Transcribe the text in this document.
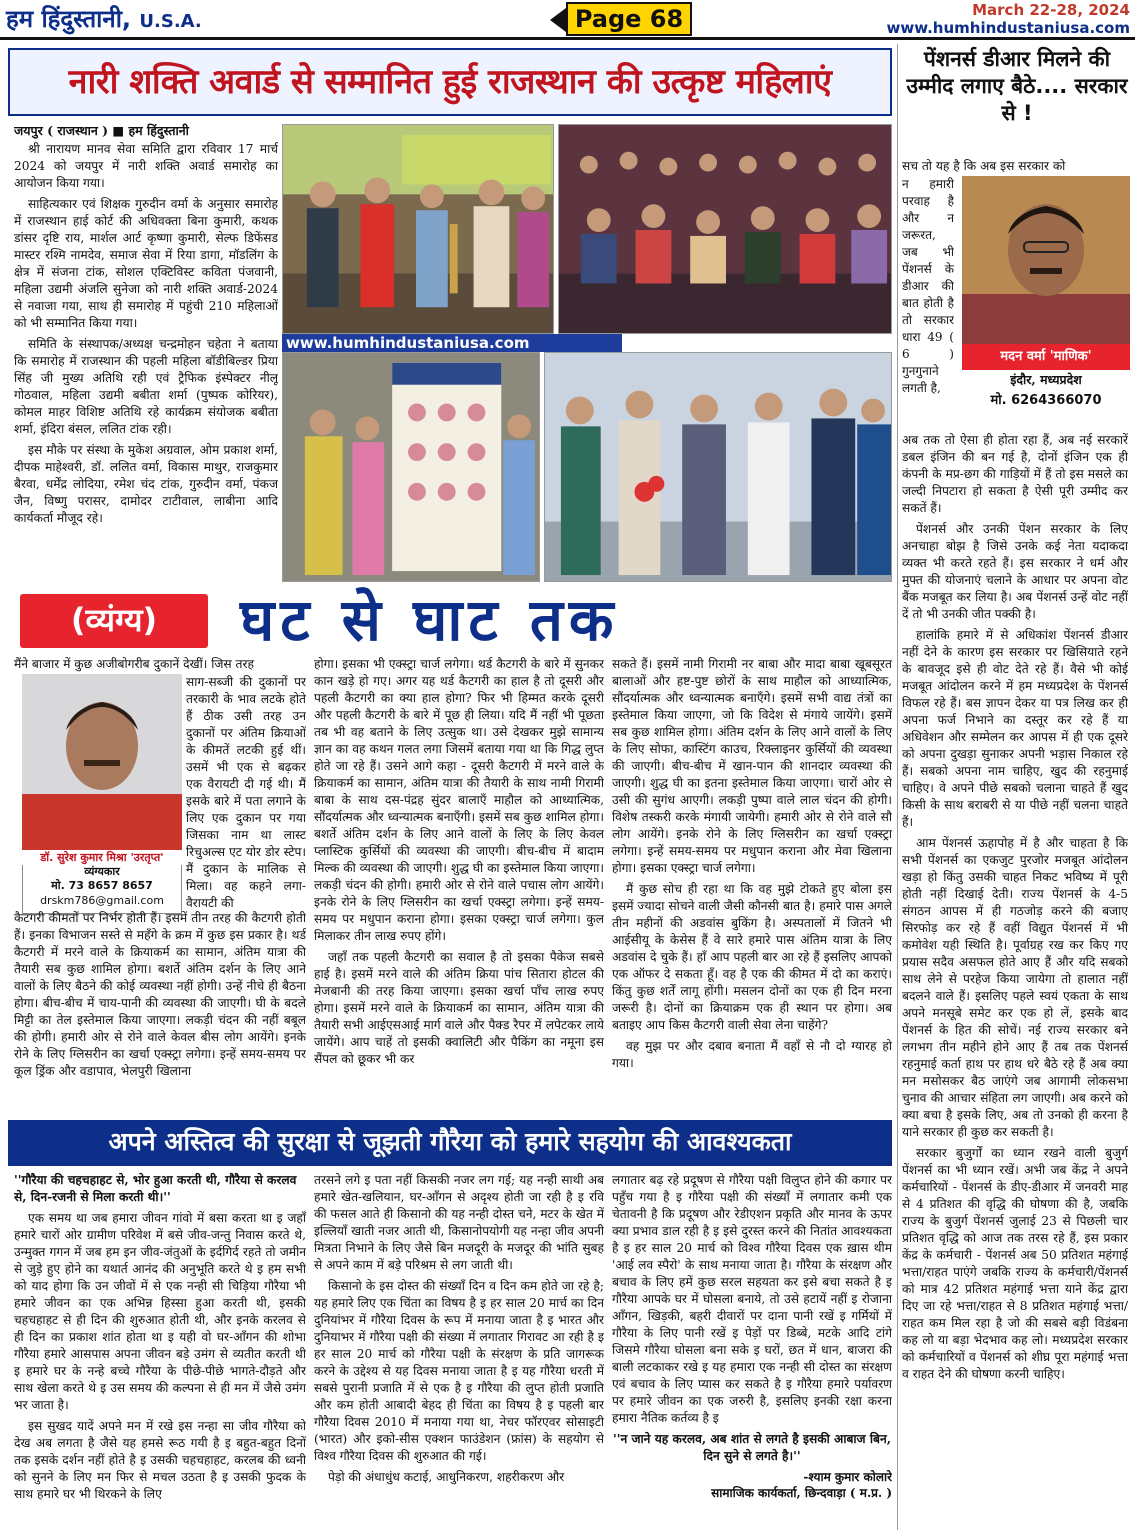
हम हिंदुस्तानी, U.S.A.	Page 68	March 22-28, 2024
www.humhindustaniusa.com
नारी शक्ति अवार्ड से सम्मानित हुई राजस्थान की उत्कृष्ट महिलाएं
जयपुर ( राजस्थान ) ■ हम हिंदुस्तानी

श्री नारायण मानव सेवा समिति द्वारा रविवार 17 मार्च 2024 को जयपुर में नारी शक्ति अवार्ड समारोह का आयोजन किया गया।

साहित्यकार एवं शिक्षक गुरुदीन वर्मा के अनुसार समारोह में राजस्थान हाई कोर्ट की अधिवक्ता बिना कुमारी, कथक डांसर दृष्टि राय, मार्शल आर्ट कृष्णा कुमारी, सेल्फ डिफेंसड मास्टर रश्मि नामदेव, समाज सेवा में रिया डागा, मॉडलिंग के क्षेत्र में संजना टांक, सोशल एक्टिविस्ट कविता पंजवानी, महिला उद्यमी अंजलि सुनेजा को नारी शक्ति अवार्ड-2024 से नवाजा गया, साथ ही समारोह में पहुंची 210 महिलाओं को भी सम्मानित किया गया।

समिति के संस्थापक/अध्यक्ष चन्द्रमोहन चहेता ने बताया कि समारोह में राजस्थान की पहली महिला बॉडीबिल्डर प्रिया सिंह जी मुख्य अतिथि रही एवं ट्रैफिक इंस्पेक्टर नीलू गोठवाल, महिला उद्यमी बबीता शर्मा (पुष्पक कोरियर), कोमल माहर विशिष्ट अतिथि रहे कार्यक्रम संयोजक बबीता शर्मा, इंदिरा बंसल, ललित टांक रही।

इस मौके पर संस्था के मुकेश अग्रवाल, ओम प्रकाश शर्मा, दीपक माहेश्वरी, डॉ. ललित वर्मा, विकास माथुर, राजकुमार बैरवा, धर्मेंद्र लोदिया, रमेश चंद टांक, गुरुदीन वर्मा, पंकज जैन, विष्णु परासर, दामोदर टाटीवाल, लाबीना आदि कार्यकर्ता मौजूद रहे।

www.humhindustaniusa.com
(व्यंग्य)	घट से घाट तक
मैंने बाजार में कुछ अजीबोगरीब दुकानें देखीं। जिस तरह
डॉ. सुरेश कुमार मिश्रा 'उरतृप्त'
व्यंग्यकार
मो. 73 8657 8657
drskm786@gmail.com
साग-सब्जी की दुकानों पर तरकारी के भाव लटके होते हैं ठीक उसी तरह उन दुकानों पर अंतिम क्रियाओं के कीमतें लटकी हुई थीं। उसमें भी एक से बढ़कर एक वैरायटी दी गई थी। मैं इसके बारे में पता लगाने के लिए एक दुकान पर गया जिसका नाम था लास्ट रिचुअल्स एट योर डोर स्टेप। मैं दुकान के मालिक से मिला। वह कहने लगा- वैरायटी की
कैटगरी कीमतों पर निर्भर होती हैं। इसमें तीन तरह की कैटगरी होती हैं। इनका विभाजन सस्ते से महँगे के क्रम में कुछ इस प्रकार है। थर्ड कैटगरी में मरने वाले के क्रियाकर्म का सामान, अंतिम यात्रा की तैयारी सब कुछ शामिल होगा। बशर्ते अंतिम दर्शन के लिए आने वालों के लिए बैठने की कोई व्यवस्था नहीं होगी। उन्हें नीचे ही बैठना होगा। बीच-बीच में चाय-पानी की व्यवस्था की जाएगी। घी के बदले मिट्टी का तेल इस्तेमाल किया जाएगा। लकड़ी चंदन की नहीं बबूल की होगी। हमारी ओर से रोने वाले केवल बीस लोग आयेंगे। इनके रोने के लिए ग्लिसरीन का खर्चा एक्स्ट्रा लगेगा। इन्हें समय-समय पर कूल ड्रिंक और वडापाव, भेलपुरी खिलाना

होगा। इसका भी एक्स्ट्रा चार्ज लगेगा। थर्ड कैटगरी के बारे में सुनकर कान खड़े हो गए। अगर यह थर्ड कैटगरी का हाल है तो दूसरी और पहली कैटगरी का क्या हाल होगा? फिर भी हिम्मत करके दूसरी और पहली कैटगरी के बारे में पूछ ही लिया। यदि मैं नहीं भी पूछता तब भी वह बताने के लिए उत्सुक था। उसे देखकर मुझे सामान्य ज्ञान का वह कथन गलत लगा जिसमें बताया गया था कि गिद्ध लुप्त होते जा रहे हैं। उसने आगे कहा - दूसरी कैटगरी में मरने वाले के क्रियाकर्म का सामान, अंतिम यात्रा की तैयारी के साथ नामी गिरामी बाबा के साथ दस-पंद्रह सुंदर बालाएँ माहौल को आध्यात्मिक, सौंदर्यात्मक और ध्वन्यात्मक बनाएँगी। इसमें सब कुछ शामिल होगा। बशर्ते अंतिम दर्शन के लिए आने वालों के लिए के लिए केवल प्लास्टिक कुर्सियों की व्यवस्था की जाएगी। बीच-बीच में बादाम मिल्क की व्यवस्था की जाएगी। शुद्ध घी का इस्तेमाल किया जाएगा। लकड़ी चंदन की होगी। हमारी ओर से रोने वाले पचास लोग आयेंगे। इनके रोने के लिए ग्लिसरीन का खर्चा एक्स्ट्रा लगेगा। इन्हें समय-समय पर मधुपान कराना होगा। इसका एक्स्ट्रा चार्ज लगेगा। कुल मिलाकर तीन लाख रुपए होंगे।

जहाँ तक पहली कैटगरी का सवाल है तो इसका पैकेज सबसे हाई है। इसमें मरने वाले की अंतिम क्रिया पांच सितारा होटल की मेजबानी की तरह किया जाएगा। इसका खर्चा पाँच लाख रुपए होगा। इसमें मरने वाले के क्रियाकर्म का सामान, अंतिम यात्रा की तैयारी सभी आईएसआई मार्ग वाले और पैक्ड रैपर में लपेटकर लाये जायेंगे। आप चाहें तो इसकी क्वालिटी और पैकिंग का नमूना इस सैंपल को छूकर भी कर

सकते हैं। इसमें नामी गिरामी नर बाबा और मादा बाबा खूबसूरत बालाओं और हष्ट-पुष्ट छोरों के साथ माहौल को आध्यात्मिक, सौंदर्यात्मक और ध्वन्यात्मक बनाएँगे। इसमें सभी वाद्य तंत्रों का इस्तेमाल किया जाएगा, जो कि विदेश से मंगाये जायेंगे। इसमें सब कुछ शामिल होगा। अंतिम दर्शन के लिए आने वालों के लिए के लिए सोफा, कास्टिंग काउच, रिक्लाइनर कुर्सियों की व्यवस्था की जाएगी। बीच-बीच में खान-पान की शानदार व्यवस्था की जाएगी। शुद्ध घी का इतना इस्तेमाल किया जाएगा। चारों ओर से उसी की सुगंध आएगी। लकड़ी पुष्पा वाले लाल चंदन की होगी। विशेष तस्करी करके मंगायी जायेगी। हमारी ओर से रोने वाले सौ लोग आयेंगे। इनके रोने के लिए ग्लिसरीन का खर्चा एक्स्ट्रा लगेगा। इन्हें समय-समय पर मधुपान कराना और मेवा खिलाना होगा। इसका एक्स्ट्रा चार्ज लगेगा।

मैं कुछ सोच ही रहा था कि वह मुझे टोकते हुए बोला इस इसमें ज्यादा सोचने वाली जैसी कौनसी बात है। हमारे पास अगले तीन महीनों की अडवांस बुकिंग है। अस्पतालों में जितने भी आईसीयू के केसेस हैं वे सारे हमारे पास अंतिम यात्रा के लिए अडवांस दे चुके हैं। हाँ आप पहली बार आ रहे हैं इसलिए आपको एक ऑफर दे सकता हूँ। वह है एक की कीमत में दो का कराएं। किंतु कुछ शर्तें लागू होंगी। मसलन दोनों का एक ही दिन मरना जरूरी है। दोनों का क्रियाक्रम एक ही स्थान पर होगा। अब बताइए आप किस कैटगरी वाली सेवा लेना चाहेंगे?

वह मुझ पर और दबाव बनाता मैं वहाँ से नौ दो ग्यारह हो गया।

अपने अस्तित्व की सुरक्षा से जूझती गौरैया को हमारे सहयोग की आवश्यकता
''गौरैया की चहचहाहट से, भोर हुआ करती थी, गौरैया से करलव से, दिन-रजनी से मिला करती थी।''

एक समय था जब हमारा जीवन गांवो में बसा करता था इ जहाँ हमारे चारों ओर ग्रामीण परिवेश में बसे जीव-जन्तु निवास करते थे, उन्मुक्त गगन में जब हम इन जीव-जंतुओं के इर्दगिर्द रहते तो जमीन से जुड़े हुए होने का यथार्त आनंद की अनुभूति करते थे इ हम सभी को याद होगा कि उन जीवों में से एक नन्ही सी चिड़िया गौरैया भी हमारे जीवन का एक अभिन्न हिस्सा हुआ करती थी, इसकी चहचहाहट से ही दिन की शुरुआत होती थी, और इनके करलव से ही दिन का प्रकाश शांत होता था इ यही वो घर-आँगन की शोभा गौरैया हमारे आसपास अपना जीवन बड़े उमंग से व्यतीत करती थी इ हमारे घर के नन्हे बच्चे गौरैया के पीछे-पीछे भागते-दौड़ते और साथ खेला करते थे इ उस समय की कल्पना से ही मन में जैसे उमंग भर जाता है।

इस सुखद यादें अपने मन में रखे इस नन्हा सा जीव गौरैया को देख अब लगता है जैसे यह हमसे रूठ गयी है इ बहुत-बहुत दिनों तक इसके दर्शन नहीं होते है इ उसकी चहचहाहट, करलब की ध्वनी को सुनने के लिए मन फिर से मचल उठता है इ उसकी फुदक के साथ हमारे घर भी थिरकने के लिए

तरसने लगे इ पता नहीं किसकी नजर लग गई; यह नन्ही साथी अब हमारे खेत-खलियान, घर-आँगन से अदृश्य होती जा रही है इ रवि की फसल आते ही किसानो की यह नन्ही दोस्त चने, मटर के खेत में इल्लियाँ खाती नजर आती थी, किसानोपयोगी यह नन्हा जीव अपनी मित्रता निभाने के लिए जैसे बिन मजदूरी के मजदूर की भांति सुबह से अपने काम में बड़े परिश्रम से लग जाती थी।

किसानो के इस दोस्त की संख्याँ दिन व दिन कम होते जा रहे है; यह हमारे लिए एक चिंता का विषय है इ हर साल 20 मार्च का दिन दुनियांभर में गौरैया दिवस के रूप में मनाया जाता है इ भारत और दुनियाभर में गौरैया पक्षी की संख्या में लगातार गिरावट आ रही है इ हर साल 20 मार्च को गौरैया पक्षी के संरक्षण के प्रति जागरूक करने के उद्देश्य से यह दिवस मनाया जाता है इ यह गौरैया धरती में सबसे पुरानी प्रजाति में से एक है इ गौरैया की लुप्त होती प्रजाति और कम होती आबादी बेहद ही चिंता का विषय है इ पहली बार गौरैया दिवस 2010 में मनाया गया था, नेचर फॉरएवर सोसाइटी (भारत) और इको-सीस एक्शन फाउंडेशन (फ्रांस) के सहयोग से विश्व गौरैया दिवस की शुरुआत की गई।

पेड़ो की अंधाधुंध कटाई, आधुनिकरण, शहरीकरण और

लगातार बढ़ रहे प्रदूषण से गौरैया पक्षी विलुप्त होने की कगार पर पहुँच गया है इ गौरैया पक्षी की संख्याँ में लगातार कमी एक चेतावनी है कि प्रदूषण और रेडीएशन प्रकृति और मानव के ऊपर क्या प्रभाव डाल रही है इ इसे दुरस्त करने की नितांत आवश्यकता है इ हर साल 20 मार्च को विश्व गौरैया दिवस एक ख़ास थीम 'आई लव स्पैरो' के साथ मनाया जाता है। गौरैया के संरक्षण और बचाव के लिए हमें कुछ सरल सहयता कर इसे बचा सकते है इ गौरैया आपके घर में घोसला बनाये, तो उसे हटायें नहीं इ रोजाना आँगन, खिड़की, बहरी दीवारों पर दाना पानी रखें इ गर्मियों में गौरैया के लिए पानी रखें इ पेड़ों पर डिब्बे, मटके आदि टांगे जिसमे गौरैया घोसला बना सके इ घरों, छत में धान, बाजरा की बाली लटकाकर रखे इ यह हमारा एक नन्ही सी दोस्त का संरक्षण एवं बचाव के लिए प्यास कर सकते है इ गौरैया हमारे पर्यावरण पर हमारे जीवन का एक जरुरी है, इसलिए इनकी रक्षा करना हमारा नैतिक कर्तव्य है इ

''न जाने यह करलव, अब शांत से लगते है इसकी आबाज बिन, दिन सुने से लगते है।''
-श्याम कुमार कोलारे
सामाजिक कार्यकर्ता, छिन्दवाड़ा ( म.प्र. )
पेंशनर्स डीआर मिलने की उम्मीद लगाए बैठे.... सरकार से !
सच तो यह है कि अब इस सरकार को
न हमारी परवाह है और न जरूरत, जब भी पेंशनर्स के डीआर की बात होती है तो सरकार धारा 49 ( 6 ) गुनगुनाने लगती है,
मदन वर्मा 'माणिक'
इंदौर, मध्यप्रदेश
मो. 6264366070

अब तक तो ऐसा ही होता रहा हैं, अब नई सरकारें डबल इंजिन की बन गई है, दोनों इंजिन एक ही कंपनी के मप्र-छग की गाड़ियों में हैं तो इस मसले का जल्दी निपटारा हो सकता है ऐसी पूरी उम्मीद कर सकतें हैं।

पेंशनर्स और उनकी पेंशन सरकार के लिए अनचाहा बोझ है जिसे उनके कई नेता यदाकदा व्यक्त भी करते रहते हैं। इस सरकार ने धर्म और मुफ्त की योजनाएं चलाने के आधार पर अपना वोट बैंक मजबूत कर लिया है। अब पेंशनर्स उन्हें वोट नहीं दें तो भी उनकी जीत पक्की है।

हालांकि हमारे में से अधिकांश पेंशनर्स डीआर नहीं देने के कारण इस सरकार पर खिसियाते रहने के बावजूद इसे ही वोट देते रहे हैं। वैसे भी कोई मजबूत आंदोलन करने में हम मध्यप्रदेश के पेंशनर्स विफल रहे हैं। बस ज्ञापन देकर या पत्र लिख कर ही अपना फर्ज निभाने का दस्तूर कर रहे हैं या अधिवेशन और सम्मेलन कर आपस में ही एक दूसरे को अपना दुखड़ा सुनाकर अपनी भड़ास निकाल रहे हैं। सबको अपना नाम चाहिए, खुद की रहनुमाई चाहिए। वे अपने पीछे सबको चलाना चाहते हैं खुद किसी के साथ बराबरी से या पीछे नहीं चलना चाहते हैं।

आम पेंशनर्स ऊहापोह में है और चाहता है कि सभी पेंशनर्स का एकजुट पुरजोर मजबूत आंदोलन खड़ा हो किंतु उसकी चाहत निकट भविष्य में पूरी होती नहीं दिखाई देती। राज्य पेंशनर्स के 4-5 संगठन आपस में ही गठजोड़ करने की बजाए सिरफोड़ कर रहे हैं वहीं विद्युत पेंशनर्स में भी कमोवेश यही स्थिति है। पूर्वाग्रह रख कर किए गए प्रयास सदैव असफल होते आए हैं और यदि सबको साथ लेने से परहेज किया जायेगा तो हालात नहीं बदलने वाले हैं। इसलिए पहले स्वयं एकता के साथ अपने मनसूबे समेट कर एक हो लें, इसके बाद पेंशनर्स के हित की सोचें। नई राज्य सरकार बने लगभग तीन महीने होने आए हैं तब तक पेंशनर्स रहनुमाई कर्ता हाथ पर हाथ धरे बैठे रहे हैं अब क्या मन मसोसकर बैठ जाएंगे जब आगामी लोकसभा चुनाव की आचार संहिता लग जाएगी। अब करने को क्या बचा है इसके लिए, अब तो उनको ही करना है याने सरकार ही कुछ कर सकती है।

सरकार बुजुर्गों का ध्यान रखने वाली बुजुर्ग पेंशनर्स का भी ध्यान रखें। अभी जब केंद्र ने अपने कर्मचारियों - पेंशनर्स के डीए-डीआर में जनवरी माह से 4 प्रतिशत की वृद्धि की घोषणा की है, जबकि राज्य के बुजुर्ग पेंशनर्स जुलाई 23 से पिछली चार प्रतिशत वृद्धि को आज तक तरस रहे हैं, इस प्रकार केंद्र के कर्मचारी - पेंशनर्स अब 50 प्रतिशत महंगाई भत्ता/राहत पाएंगे जबकि राज्य के कर्मचारी/पेंशनर्स को मात्र 42 प्रतिशत महंगाई भत्ता याने केंद्र द्वारा दिए जा रहे भत्ता/राहत से 8 प्रतिशत महंगाई भत्ता/राहत कम मिल रहा है जो की सबसे बड़ी विडंबना कह लो या बड़ा भेदभाव कह लो। मध्यप्रदेश सरकार को कर्मचारियों व पेंशनर्स को शीघ्र पूरा महंगाई भत्ता व राहत देने की घोषणा करनी चाहिए।
